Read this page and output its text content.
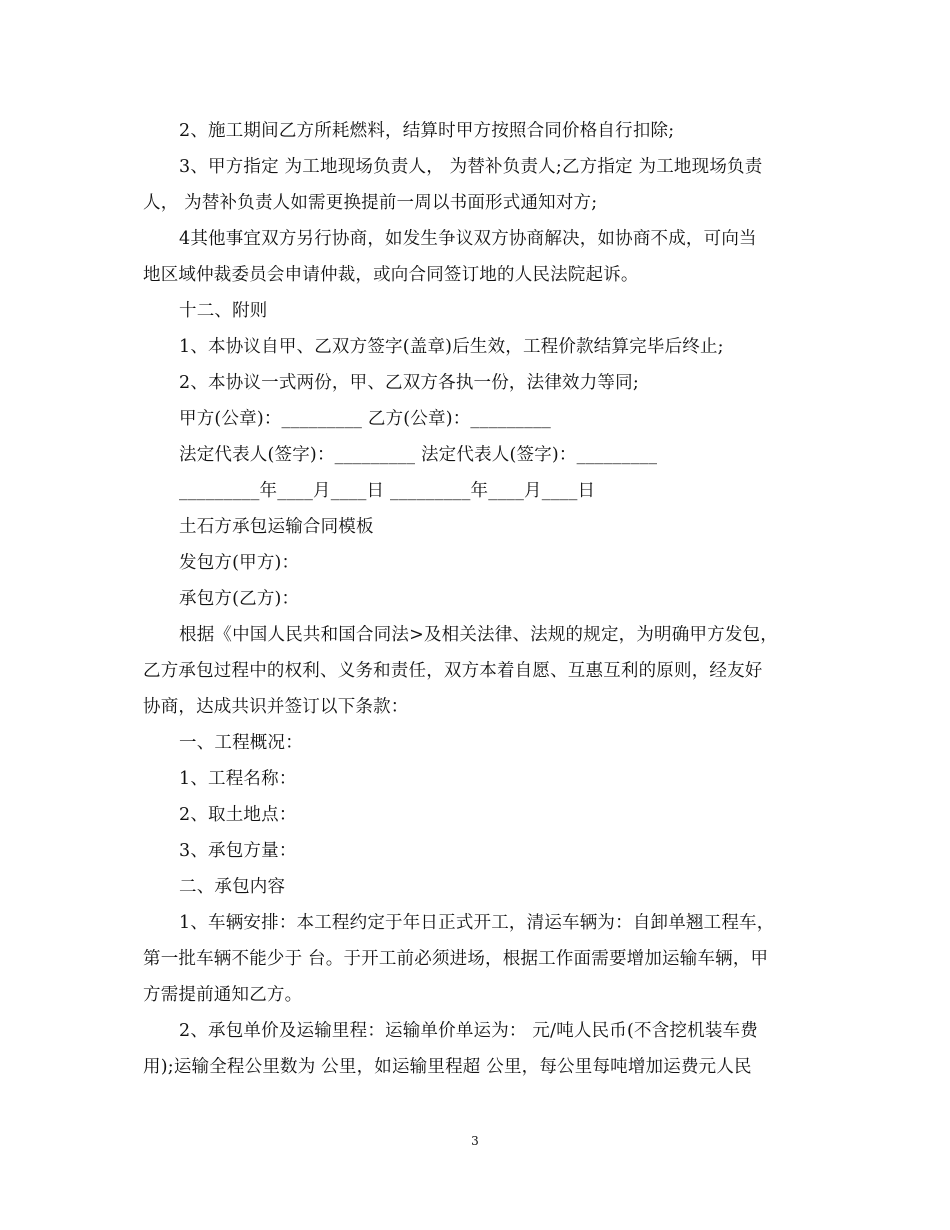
2、施工期间乙方所耗燃料，结算时甲方按照合同价格自行扣除;
3、甲方指定 为工地现场负责人， 为替补负责人;乙方指定 为工地现场负责
人， 为替补负责人如需更换提前一周以书面形式通知对方;
4其他事宜双方另行协商，如发生争议双方协商解决，如协商不成，可向当
地区域仲裁委员会申请仲裁，或向合同签订地的人民法院起诉。
十二、附则
1、本协议自甲、乙双方签字(盖章)后生效，工程价款结算完毕后终止;
2、本协议一式两份，甲、乙双方各执一份，法律效力等同;
甲方(公章)：_________ 乙方(公章)：_________
法定代表人(签字)：_________ 法定代表人(签字)：_________
_________年____月____日 _________年____月____日
土石方承包运输合同模板
发包方(甲方)：
承包方(乙方)：
根据《中国人民共和国合同法>及相关法律、法规的规定，为明确甲方发包，
乙方承包过程中的权利、义务和责任，双方本着自愿、互惠互利的原则，经友好
协商，达成共识并签订以下条款：
一、工程概况：
1、工程名称：
2、取土地点：
3、承包方量：
二、承包内容
1、车辆安排：本工程约定于年日正式开工，清运车辆为：自卸单翘工程车，
第一批车辆不能少于 台。于开工前必须进场，根据工作面需要增加运输车辆，甲
方需提前通知乙方。
2、承包单价及运输里程：运输单价单运为： 元/吨人民币(不含挖机装车费
用);运输全程公里数为 公里，如运输里程超 公里，每公里每吨增加运费元人民
3
